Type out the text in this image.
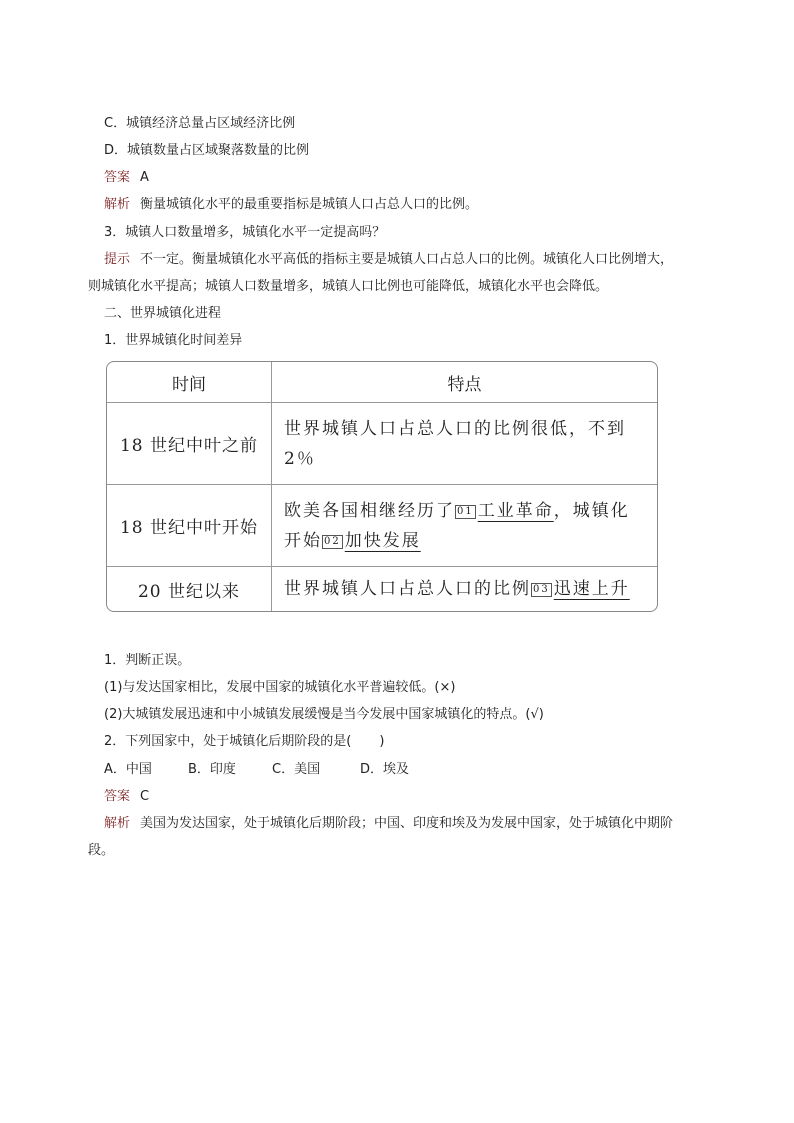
C．城镇经济总量占区域经济比例
D．城镇数量占区域聚落数量的比例
答案 A
解析 衡量城镇化水平的最重要指标是城镇人口占总人口的比例。
3．城镇人口数量增多，城镇化水平一定提高吗？
提示 不一定。衡量城镇化水平高低的指标主要是城镇人口占总人口的比例。城镇化人口比例增大，
则城镇化水平提高；城镇人口数量增多，城镇人口比例也可能降低，城镇化水平也会降低。
二、世界城镇化进程
1．世界城镇化时间差异
时间	特点
18 世纪中叶之前	世界城镇人口占总人口的比例很低，不到 2％
18 世纪中叶开始	欧美各国相继经历了 01 工业革命，城镇化开始 02 加快发展
20 世纪以来	世界城镇人口占总人口的比例 03 迅速上升
1．判断正误。
(1)与发达国家相比，发展中国家的城镇化水平普遍较低。(×)
(2)大城镇发展迅速和中小城镇发展缓慢是当今发展中国家城镇化的特点。(√)
2．下列国家中，处于城镇化后期阶段的是( )
A．中国	B．印度	C．美国	D．埃及
答案 C
解析 美国为发达国家，处于城镇化后期阶段；中国、印度和埃及为发展中国家，处于城镇化中期阶
段。
